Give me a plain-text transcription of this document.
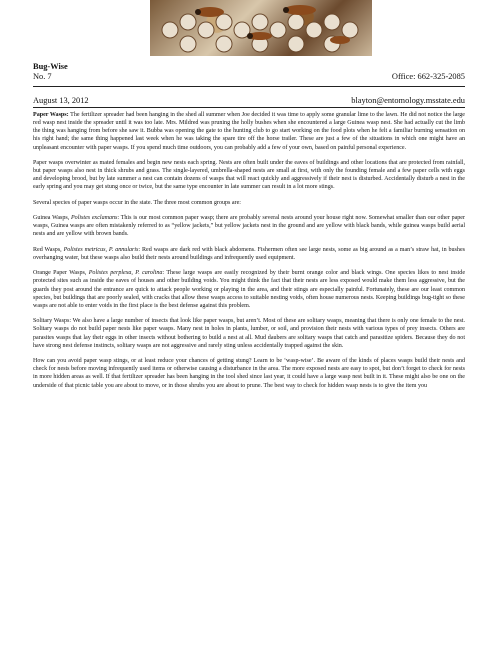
Bug-Wise
No. 7	Office: 662-325-2085
August 13, 2012	blayton@entomology.msstate.edu

Paper Wasps: The fertilizer spreader had been hanging in the shed all summer when Joe decided it was time to apply some granular lime to the lawn. He did not notice the large red wasp nest inside the spreader until it was too late. Mrs. Mildred was pruning the holly bushes when she encountered a large Guinea wasp nest. She had actually cut the limb the thing was hanging from before she saw it. Bubba was opening the gate to the hunting club to go start working on the food plots when he felt a familiar burning sensation on his right hand; the same thing happened last week when he was taking the spare tire off the horse trailer. These are just a few of the situations in which one might have an unpleasant encounter with paper wasps. If you spend much time outdoors, you can probably add a few of your own, based on painful personal experience.

Paper wasps overwinter as mated females and begin new nests each spring. Nests are often built under the eaves of buildings and other locations that are protected from rainfall, but paper wasps also nest in thick shrubs and grass. The single-layered, umbrella-shaped nests are small at first, with only the founding female and a few paper cells with eggs and developing brood, but by late summer a nest can contain dozens of wasps that will react quickly and aggressively if their nest is disturbed. Accidentally disturb a nest in the early spring and you may get stung once or twice, but the same type encounter in late summer can result in a lot more stings.

Several species of paper wasps occur in the state. The three most common groups are:

Guinea Wasps, Polistes exclamans: This is our most common paper wasp; there are probably several nests around your house right now. Somewhat smaller than our other paper wasps, Guinea wasps are often mistakenly referred to as “yellow jackets,” but yellow jackets nest in the ground and are yellow with black bands, while guinea wasps build aerial nests and are yellow with brown bands.

Red Wasps, Polistes metricus, P. annularis: Red wasps are dark red with black abdomens. Fishermen often see large nests, some as big around as a man’s straw hat, in bushes overhanging water, but these wasps also build their nests around buildings and infrequently used equipment.

Orange Paper Wasps, Polistes perplexa, P. carolina: These large wasps are easily recognized by their burnt orange color and black wings. One species likes to nest inside protected sites such as inside the eaves of houses and other building voids. You might think the fact that their nests are less exposed would make them less aggressive, but the guards they post around the entrance are quick to attack people working or playing in the area, and their stings are especially painful. Fortunately, these are our least common species, but buildings that are poorly sealed, with cracks that allow these wasps access to suitable nesting voids, often house numerous nests. Keeping buildings bug-tight so these wasps are not able to enter voids in the first place is the best defense against this problem.

Solitary Wasps: We also have a large number of insects that look like paper wasps, but aren’t. Most of these are solitary wasps, meaning that there is only one female to the nest. Solitary wasps do not build paper nests like paper wasps. Many nest in holes in plants, lumber, or soil, and provision their nests with various types of prey insects. Others are parasites wasps that lay their eggs in other insects without bothering to build a nest at all. Mud daubers are solitary wasps that catch and parasitize spiders. Because they do not have strong nest defense instincts, solitary wasps are not aggressive and rarely sting unless accidentally trapped against the skin.

How can you avoid paper wasp stings, or at least reduce your chances of getting stung? Learn to be ‘wasp-wise’. Be aware of the kinds of places wasps build their nests and check for nests before moving infrequently used items or otherwise causing a disturbance in the area. The more exposed nests are easy to spot, but don’t forget to check for nests in more hidden areas as well. If that fertilizer spreader has been hanging in the tool shed since last year, it could have a large wasp nest built in it. These might also be one on the underside of that picnic table you are about to move, or in those shrubs you are about to prune. The best way to check for hidden wasp nests is to give the item you
